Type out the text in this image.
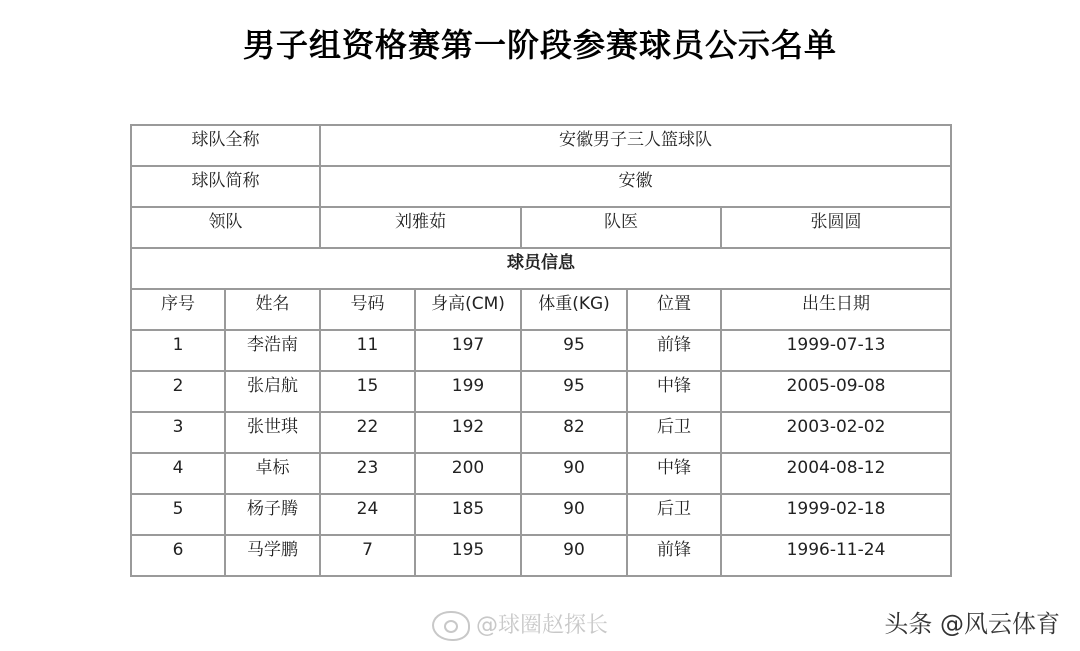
男子组资格赛第一阶段参赛球员公示名单
球队全称		安徽男子三人篮球队				
球队简称		安徽				
领队		刘雅茹		队医		张圆圆
球员信息						
序号	姓名	号码	身高(CM)	体重(KG)	位置	出生日期
1	李浩南	11	197	95	前锋	1999-07-13
2	张启航	15	199	95	中锋	2005-09-08
3	张世琪	22	192	82	后卫	2003-02-02
4	卓标	23	200	90	中锋	2004-08-12
5	杨子腾	24	185	90	后卫	1999-02-18
6	马学鹏	7	195	90	前锋	1996-11-24
@球圈赵探长	头条 @风云体育
